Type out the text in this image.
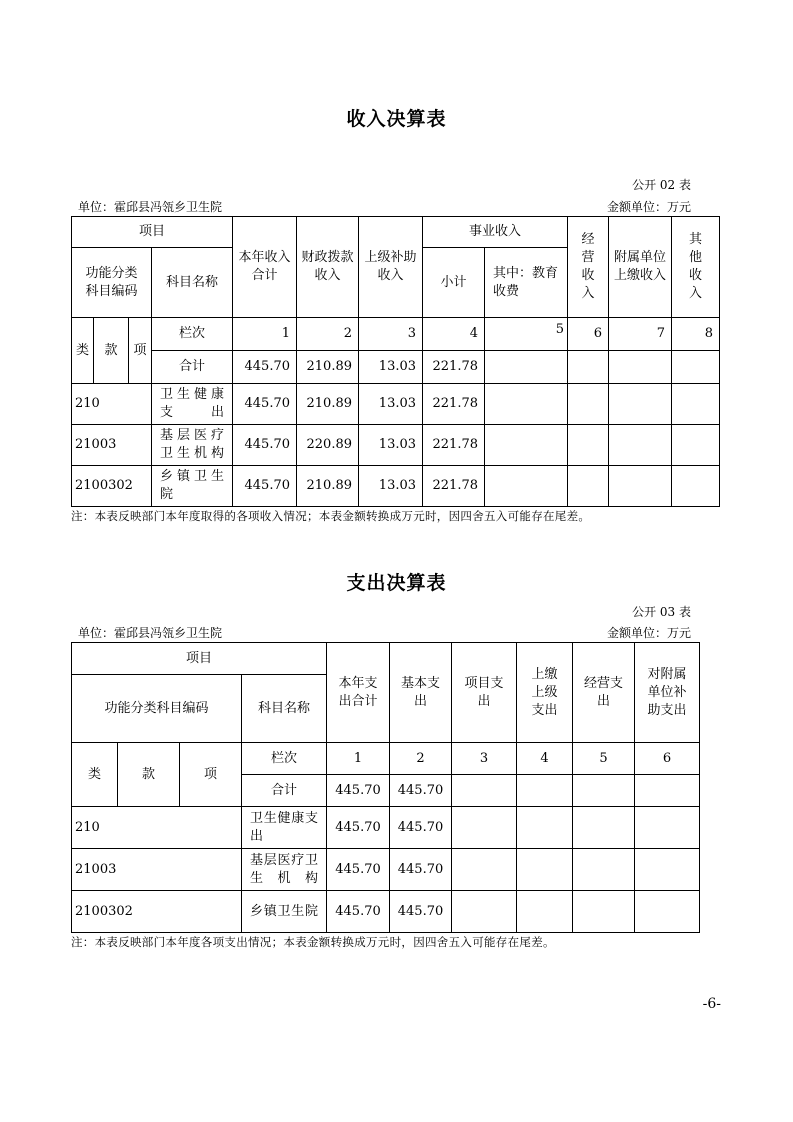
收入决算表
公开 02 表
单位：霍邱县冯瓴乡卫生院	金额单位：万元
项目				本年收入合计	财政拨款收入	上级补助收入	事业收入		经营收入	附属单位上缴收入	其他收入
功能分类科目编码			科目名称				小计	其中：教育收费			
类	款	项	栏次	1	2	3	4	5	6	7	8
			合计	445.70	210.89	13.03	221.78				
210			卫生健康支出	445.70	210.89	13.03	221.78				
21003			基层医疗卫生机构	445.70	220.89	13.03	221.78				
2100302			乡镇卫生院	445.70	210.89	13.03	221.78				
注：本表反映部门本年度取得的各项收入情况；本表金额转换成万元时，因四舍五入可能存在尾差。
支出决算表
公开 03 表
单位：霍邱县冯瓴乡卫生院	金额单位：万元
项目				本年支出合计	基本支出	项目支出	上缴上级支出	经营支出	对附属单位补助支出
功能分类科目编码			科目名称						
类	款	项	栏次	1	2	3	4	5	6
			合计	445.70	445.70				
210			卫生健康支出	445.70	445.70				
21003			基层医疗卫生机构	445.70	445.70				
2100302			乡镇卫生院	445.70	445.70				
注：本表反映部门本年度各项支出情况；本表金额转换成万元时，因四舍五入可能存在尾差。
-6-
